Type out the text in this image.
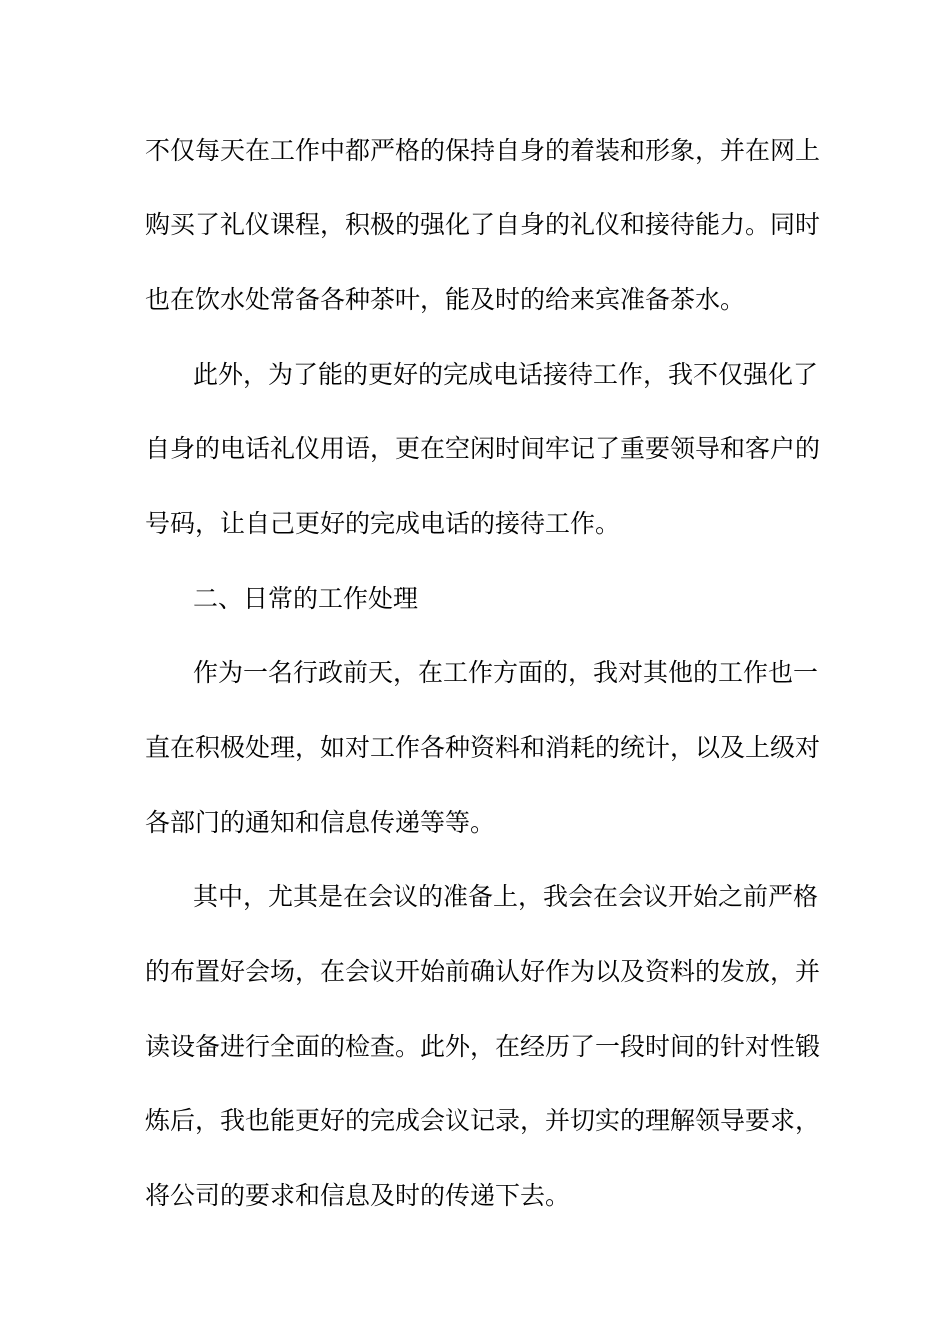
不仅每天在工作中都严格的保持自身的着装和形象，并在网上
购买了礼仪课程，积极的强化了自身的礼仪和接待能力。同时
也在饮水处常备各种茶叶，能及时的给来宾准备茶水。
此外，为了能的更好的完成电话接待工作，我不仅强化了
自身的电话礼仪用语，更在空闲时间牢记了重要领导和客户的
号码，让自己更好的完成电话的接待工作。
二、日常的工作处理
作为一名行政前天，在工作方面的，我对其他的工作也一
直在积极处理，如对工作各种资料和消耗的统计，以及上级对
各部门的通知和信息传递等等。
其中，尤其是在会议的准备上，我会在会议开始之前严格
的布置好会场，在会议开始前确认好作为以及资料的发放，并
读设备进行全面的检查。此外，在经历了一段时间的针对性锻
炼后，我也能更好的完成会议记录，并切实的理解领导要求，
将公司的要求和信息及时的传递下去。
